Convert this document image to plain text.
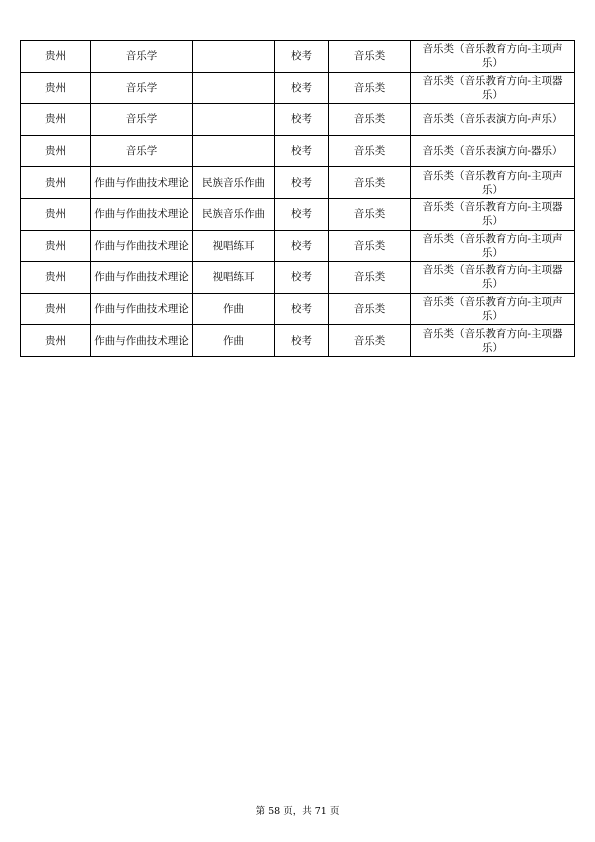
贵州	音乐学		校考	音乐类	音乐类（音乐教育方向-主项声乐）
贵州	音乐学		校考	音乐类	音乐类（音乐教育方向-主项器乐）
贵州	音乐学		校考	音乐类	音乐类（音乐表演方向-声乐）
贵州	音乐学		校考	音乐类	音乐类（音乐表演方向-器乐）
贵州	作曲与作曲技术理论	民族音乐作曲	校考	音乐类	音乐类（音乐教育方向-主项声乐）
贵州	作曲与作曲技术理论	民族音乐作曲	校考	音乐类	音乐类（音乐教育方向-主项器乐）
贵州	作曲与作曲技术理论	视唱练耳	校考	音乐类	音乐类（音乐教育方向-主项声乐）
贵州	作曲与作曲技术理论	视唱练耳	校考	音乐类	音乐类（音乐教育方向-主项器乐）
贵州	作曲与作曲技术理论	作曲	校考	音乐类	音乐类（音乐教育方向-主项声乐）
贵州	作曲与作曲技术理论	作曲	校考	音乐类	音乐类（音乐教育方向-主项器乐）
第 58 页，共 71 页
